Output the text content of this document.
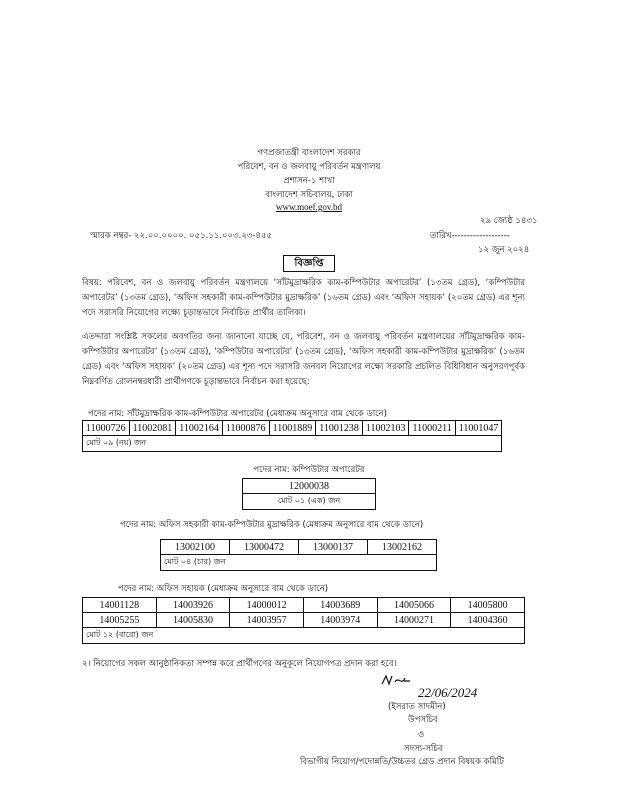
গণপ্রজাতন্ত্রী বাংলাদেশ সরকার
পরিবেশ, বন ও জলবায়ু পরিবর্তন মন্ত্রণালয়
প্রশাসন-১ শাখা
বাংলাদেশ সচিবালয়, ঢাকা
www.moef.gov.bd
২৯ জ্যেষ্ঠ ১৪৩১
স্মারক নম্বর- ২২.০০.০০০০. ০৫১.১১.০০৩.২৩-৪৫৫	তারিখ-------------------
১২ জুন ২০২৪
বিজ্ঞপ্তি
বিষয়: পরিবেশ, বন ও জলবায়ু পরিবর্তন মন্ত্রণালয়ে ‘সাঁটমুদ্রাক্ষরিক কাম-কম্পিউটার অপারেটর’ (১৩তম গ্রেড), ‘কম্পিউটার অপারেটর’ (১৩তম গ্রেড), ‘অফিস সহকারী কাম-কম্পিউটার মুদ্রাক্ষরিক’ (১৬তম গ্রেড) এবং ‘অফিস সহায়ক’ (২০তম গ্রেড) এর শূন্য পদে সরাসরি নিয়োগের লক্ষ্যে চূড়ান্তভাবে নির্বাচিত প্রার্থীর তালিকা।
এতদ্দারা সংশ্লিষ্ট সকলের অবগতির জন্য জানানো যাচ্ছে যে, পরিবেশ, বন ও জলবায়ু পরিবর্তন মন্ত্রণালয়ের সাঁটমুদ্রাক্ষরিক কাম- কম্পিউটার অপারেটর’ (১৩তম গ্রেড), ‘কম্পিউটার অপারেটর’ (১৩তম গ্রেড), ‘অফিস সহকারী কাম-কম্পিউটার মুদ্রাক্ষরিক’ (১৬তম গ্রেড) এবং ‘অফিস সহায়ক’ (২০তম গ্রেড) এর শূন্য পদে সরাসরি জনবল নিয়োগের লক্ষ্যে সরকারি প্রচলিত বিধিবিধান অনুসরণপূর্বক নিম্নবর্ণিত রোলনম্বরধারী প্রার্থীগণকে চূড়ান্তভাবে নির্বাচন করা হয়েছে:
পদের নাম: সাঁটমুদ্রাক্ষরিক কাম-কম্পিউটার অপারেটর (মেধাক্রম অনুসারে বাম থেকে ডানে)
11000726	11002081	11002164	11000876	11001889	11001238	11002103	11000211	11001047
মোট ০৯ (নয়) জন
পদের নাম: কম্পিউটার অপারেটর
12000038
মোট ০১ (এক) জন
পদের নাম: অফিস সহকারী কাম-কম্পিউটার মুদ্রাক্ষরিক (মেধাক্রম অনুসারে বাম থেকে ডানে)
13002100	13000472	13000137	13002162
মোট ০৪ (চার) জন
পদের নাম: অফিস সহায়ক (মেধাক্রম অনুসারে বাম থেকে ডানে)
14001128	14003926	14000012	14003689	14005066	14005800
14005255	14005830	14003957	14003974	14000271	14004360
মোট ১২ (বারো) জন					
২। নিয়োগের সকল আনুষ্ঠানিকতা সম্পন্ন করে প্রার্থীগণের অনুকূলে নিয়োগপত্র প্রদান করা হবে।
22/06/2024
(ইসরাত সাদমীন)
উপসচিব
ও
সদস্য-সচিব
বিভাগীয় নিয়োগ/পদোন্নতি/উচ্চতর গ্রেড প্রদান বিষয়ক কমিটি
